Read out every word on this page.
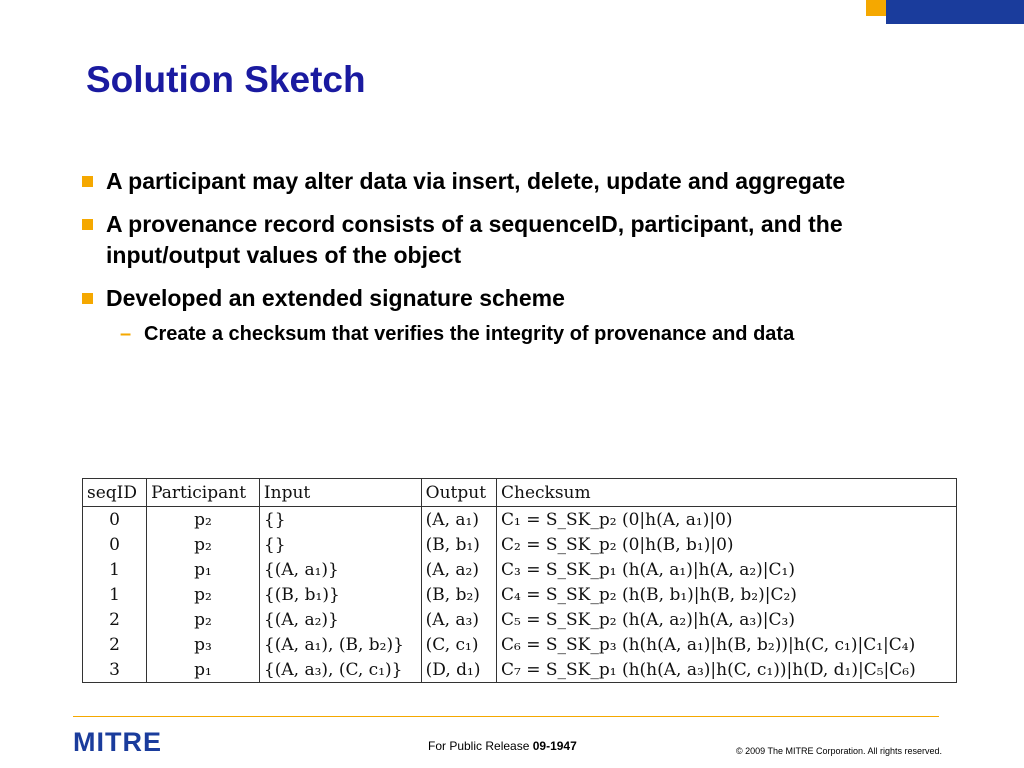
Solution Sketch
A participant may alter data via insert, delete, update and aggregate
A provenance record consists of a sequenceID, participant, and the input/output values of the object
Developed an extended signature scheme
– Create a checksum that verifies the integrity of provenance and data
seqID	Participant	Input	Output	Checksum
0	p₂	{}	(A, a₁)	C₁ = S_SK_p₂ (0|h(A, a₁)|0)
0	p₂	{}	(B, b₁)	C₂ = S_SK_p₂ (0|h(B, b₁)|0)
1	p₁	{(A, a₁)}	(A, a₂)	C₃ = S_SK_p₁ (h(A, a₁)|h(A, a₂)|C₁)
1	p₂	{(B, b₁)}	(B, b₂)	C₄ = S_SK_p₂ (h(B, b₁)|h(B, b₂)|C₂)
2	p₂	{(A, a₂)}	(A, a₃)	C₅ = S_SK_p₂ (h(A, a₂)|h(A, a₃)|C₃)
2	p₃	{(A, a₁), (B, b₂)}	(C, c₁)	C₆ = S_SK_p₃ (h(h(A, a₁)|h(B, b₂))|h(C, c₁)|C₁|C₄)
3	p₁	{(A, a₃), (C, c₁)}	(D, d₁)	C₇ = S_SK_p₁ (h(h(A, a₃)|h(C, c₁))|h(D, d₁)|C₅|C₆)
MITRE	For Public Release 09-1947	© 2009 The MITRE Corporation. All rights reserved.
